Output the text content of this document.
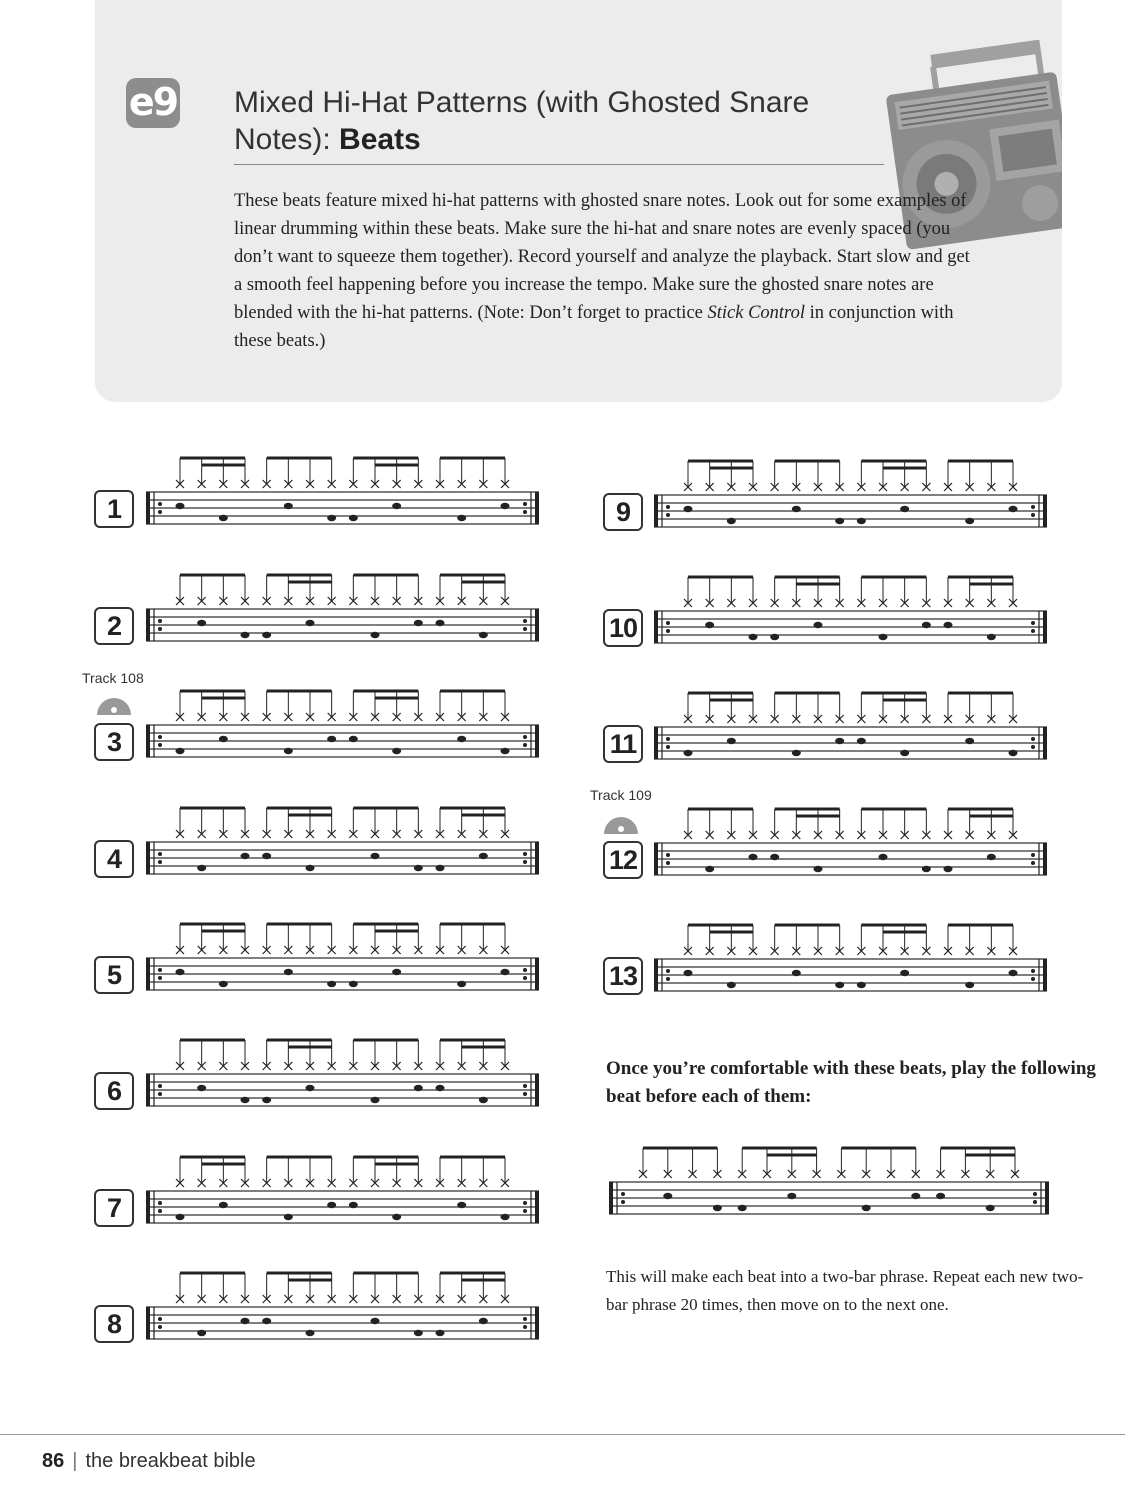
e9 Mixed Hi-Hat Patterns (with Ghosted Snare Notes): Beats
These beats feature mixed hi-hat patterns with ghosted snare notes. Look out for some examples of linear drumming within these beats. Make sure the hi-hat and snare notes are evenly spaced (you don’t want to squeeze them together). Record yourself and analyze the playback. Start slow and get a smooth feel happening before you increase the tempo. Make sure the ghosted snare notes are blended with the hi-hat patterns. (Note: Don’t forget to practice Stick Control in conjunction with these beats.)
Track 108
Track 109
1
2
3
4
5
6
7
8
9
10
11
12
13
Once you’re comfortable with these beats, play the following beat before each of them:
This will make each beat into a two-bar phrase. Repeat each new two-bar phrase 20 times, then move on to the next one.
86 | the breakbeat bible
